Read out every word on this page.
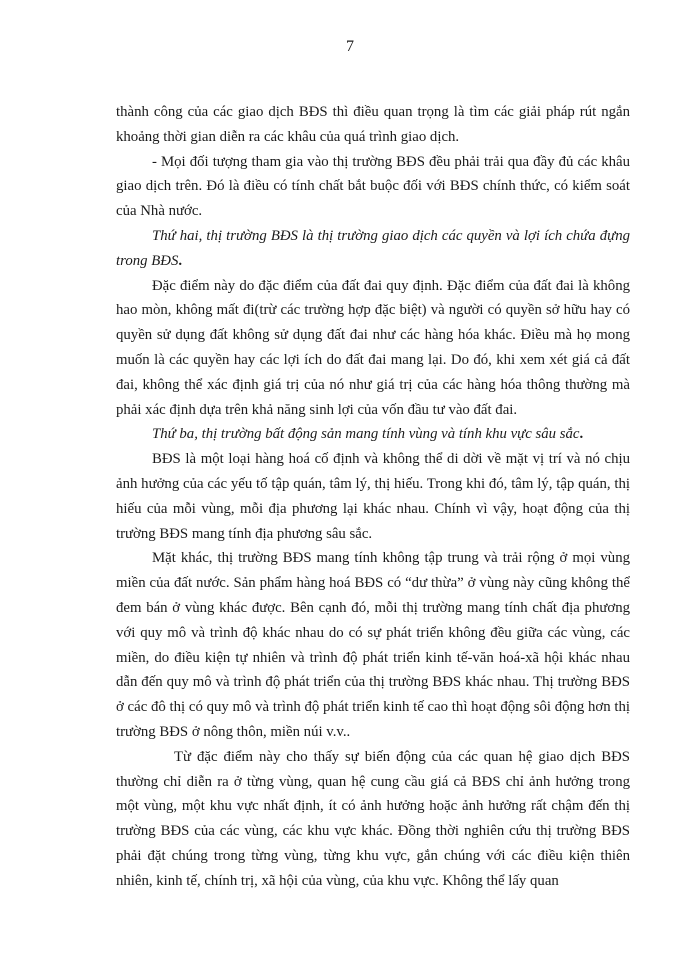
7

thành công của các giao dịch BĐS thì điều quan trọng là tìm các giải pháp rút ngắn khoảng thời gian diễn ra các khâu của quá trình giao dịch.

- Mọi đối tượng tham gia vào thị trường BĐS đều phải trải qua đầy đủ các khâu giao dịch trên. Đó là điều có tính chất bắt buộc đối với BĐS chính thức, có kiểm soát của Nhà nước.

Thứ hai, thị trường BĐS là thị trường giao dịch các quyền và lợi ích chứa đựng trong BĐS.

Đặc điểm này do đặc điểm của đất đai quy định. Đặc điểm của đất đai là không hao mòn, không mất đi(trừ các trường hợp đặc biệt) và người có quyền sở hữu hay có quyền sử dụng đất không sử dụng đất đai như các hàng hóa khác. Điều mà họ mong muốn là các quyền hay các lợi ích do đất đai mang lại. Do đó, khi xem xét giá cả đất đai, không thể xác định giá trị của nó như giá trị của các hàng hóa thông thường mà phải xác định dựa trên khả năng sinh lợi của vốn đầu tư vào đất đai.

Thứ ba, thị trường bất động sản mang tính vùng và tính khu vực sâu sắc.

BĐS là một loại hàng hoá cố định và không thể di dời về mặt vị trí và nó chịu ảnh hưởng của các yếu tố tập quán, tâm lý, thị hiếu. Trong khi đó, tâm lý, tập quán, thị hiếu của mỗi vùng, mỗi địa phương lại khác nhau. Chính vì vậy, hoạt động của thị trường BĐS mang tính địa phương sâu sắc.

Mặt khác, thị trường BĐS mang tính không tập trung và trải rộng ở mọi vùng miền của đất nước. Sản phẩm hàng hoá BĐS có “dư thừa” ở vùng này cũng không thể đem bán ở vùng khác được. Bên cạnh đó, mỗi thị trường mang tính chất địa phương với quy mô và trình độ khác nhau do có sự phát triển không đều giữa các vùng, các miền, do điều kiện tự nhiên và trình độ phát triển kinh tế-văn hoá-xã hội khác nhau dẫn đến quy mô và trình độ phát triển của thị trường BĐS khác nhau. Thị trường BĐS ở các đô thị có quy mô và trình độ phát triển kinh tế cao thì hoạt động sôi động hơn thị trường BĐS ở nông thôn, miền núi v.v..

Từ đặc điểm này cho thấy sự biến động của các quan hệ giao dịch BĐS thường chỉ diễn ra ở từng vùng, quan hệ cung cầu giá cả BĐS chỉ ảnh hưởng trong một vùng, một khu vực nhất định, ít có ảnh hưởng hoặc ảnh hưởng rất chậm đến thị trường BĐS của các vùng, các khu vực khác. Đồng thời nghiên cứu thị trường BĐS phải đặt chúng trong từng vùng, từng khu vực, gắn chúng với các điều kiện thiên nhiên, kinh tế, chính trị, xã hội của vùng, của khu vực. Không thể lấy quan
